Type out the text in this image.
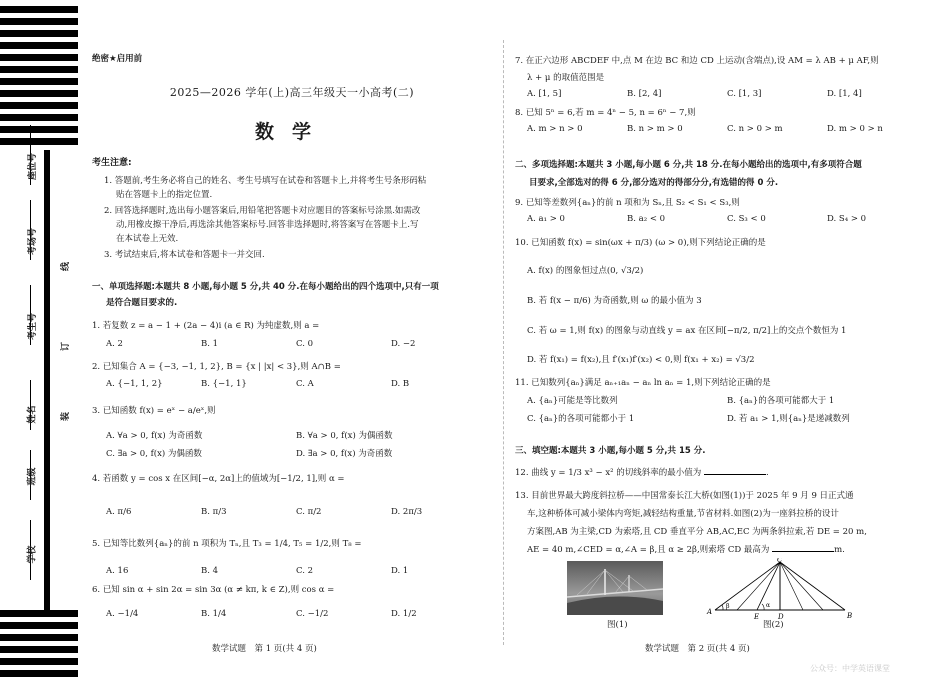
座位号
考场号
考生号
姓名
班级
学校
线
订
装
绝密★启用前
2025—2026 学年(上)高三年级天一小高考(二)
数学
考生注意:
1. 答题前,考生务必将自己的姓名、考生号填写在试卷和答题卡上,并将考生号条形码粘
贴在答题卡上的指定位置.
2. 回答选择题时,选出每小题答案后,用铅笔把答题卡对应题目的答案标号涂黑.如需改
动,用橡皮擦干净后,再选涂其他答案标号.回答非选择题时,将答案写在答题卡上.写
在本试卷上无效.
3. 考试结束后,将本试卷和答题卡一并交回.
一、单项选择题:本题共 8 小题,每小题 5 分,共 40 分.在每小题给出的四个选项中,只有一项
是符合题目要求的.
1. 若复数 z = a − 1 + (2a − 4)i (a ∈ R) 为纯虚数,则 a =
A. 2	B. 1	C. 0	D. −2
2. 已知集合 A = {−3, −1, 1, 2}, B = {x | |x| < 3},则 A∩B =
A. {−1, 1, 2}	B. {−1, 1}	C. A	D. B
3. 已知函数 f(x) = eˣ − a/eˣ,则
A. ∀a > 0, f(x) 为奇函数	B. ∀a > 0, f(x) 为偶函数
C. ∃a > 0, f(x) 为偶函数	D. ∃a > 0, f(x) 为奇函数
4. 若函数 y = cos x 在区间[−α, 2α]上的值域为[−1/2, 1],则 α =
A. π/6	B. π/3	C. π/2	D. 2π/3
5. 已知等比数列{aₙ}的前 n 项积为 Tₙ,且 T₃ = 1/4, T₅ = 1/2,则 T₈ =
A. 16	B. 4	C. 2	D. 1
6. 已知 sin α + sin 2α = sin 3α (α ≠ kπ, k ∈ Z),则 cos α =
A. −1/4	B. 1/4	C. −1/2	D. 1/2
数学试题　第 1 页(共 4 页)
7. 在正六边形 ABCDEF 中,点 M 在边 BC 和边 CD 上运动(含端点),设 AM = λ AB + μ AF,则
λ + μ 的取值范围是
A. [1, 5]	B. [2, 4]	C. [1, 3]	D. [1, 4]
8. 已知 5ⁿ = 6,若 m = 4ⁿ − 5, n = 6ⁿ − 7,则
A. m > n > 0	B. n > m > 0	C. n > 0 > m	D. m > 0 > n
二、多项选择题:本题共 3 小题,每小题 6 分,共 18 分.在每小题给出的选项中,有多项符合题
目要求,全部选对的得 6 分,部分选对的得部分分,有选错的得 0 分.
9. 已知等差数列{aₙ}的前 n 项和为 Sₙ,且 S₂ < S₁ < S₃,则
A. a₁ > 0	B. a₂ < 0	C. S₃ < 0	D. S₄ > 0
10. 已知函数 f(x) = sin(ωx + π/3) (ω > 0),则下列结论正确的是
A. f(x) 的图象恒过点(0, √3/2)
B. 若 f(x − π/6) 为奇函数,则 ω 的最小值为 3
C. 若 ω = 1,则 f(x) 的图象与动直线 y = ax 在区间[−π/2, π/2]上的交点个数恒为 1
D. 若 f(x₁) = f(x₂),且 f′(x₁)f′(x₂) < 0,则 f(x₁ + x₂) = √3/2
11. 已知数列{aₙ}满足 aₙ₊₁aₙ − aₙ ln aₙ = 1,则下列结论正确的是
A. {aₙ}可能是等比数列	B. {aₙ}的各项可能都大于 1
C. {aₙ}的各项可能都小于 1	D. 若 a₁ > 1,则{aₙ}是递减数列
三、填空题:本题共 3 小题,每小题 5 分,共 15 分.
12. 曲线 y = 1/3 x³ − x² 的切线斜率的最小值为	.
13. 目前世界最大跨度斜拉桥——中国常泰长江大桥(如图(1))于 2025 年 9 月 9 日正式通
车,这种桥体可减小梁体内弯矩,减轻结构重量,节省材料.如图(2)为一座斜拉桥的设计
方案图,AB 为主梁,CD 为索塔,且 CD 垂直平分 AB,AC,EC 为两条斜拉索,若 DE = 20 m,
AE = 40 m,∠CED = α,∠A = β,且 α ≥ 2β,则索塔 CD 最高为	m.
图(1)
A	B
C
D
E
β	α
图(2)
数学试题　第 2 页(共 4 页)
公众号：中学英语课堂
